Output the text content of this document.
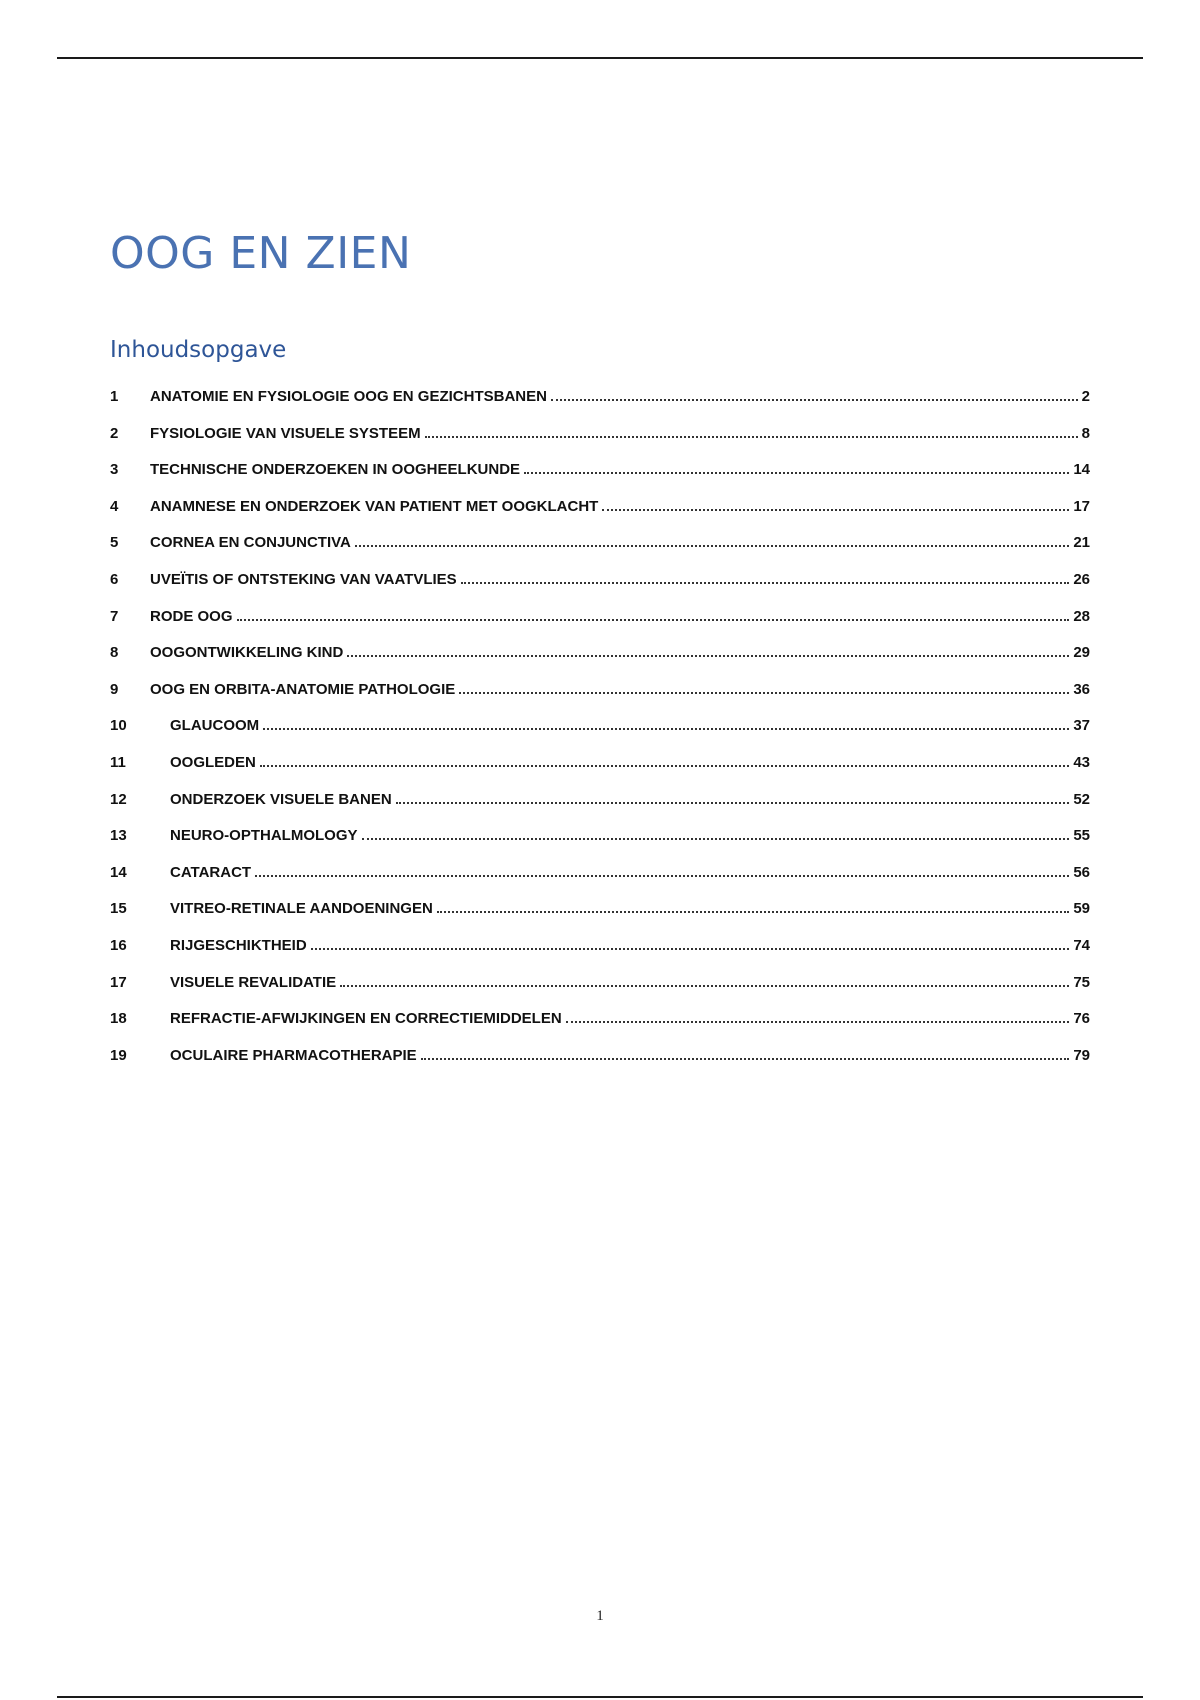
OOG EN ZIEN
Inhoudsopgave
1	ANATOMIE EN FYSIOLOGIE OOG EN GEZICHTSBANEN	2
2	FYSIOLOGIE VAN VISUELE SYSTEEM	8
3	TECHNISCHE ONDERZOEKEN IN OOGHEELKUNDE	14
4	ANAMNESE EN ONDERZOEK VAN PATIENT MET OOGKLACHT	17
5	CORNEA EN CONJUNCTIVA	21
6	UVEÏTIS OF ONTSTEKING VAN VAATVLIES	26
7	RODE OOG	28
8	OOGONTWIKKELING KIND	29
9	OOG EN ORBITA-ANATOMIE PATHOLOGIE	36
10	GLAUCOOM	37
11	OOGLEDEN	43
12	ONDERZOEK VISUELE BANEN	52
13	NEURO-OPTHALMOLOGY	55
14	CATARACT	56
15	VITREO-RETINALE AANDOENINGEN	59
16	RIJGESCHIKTHEID	74
17	VISUELE REVALIDATIE	75
18	REFRACTIE-AFWIJKINGEN EN CORRECTIEMIDDELEN	76
19	OCULAIRE PHARMACOTHERAPIE	79
1
